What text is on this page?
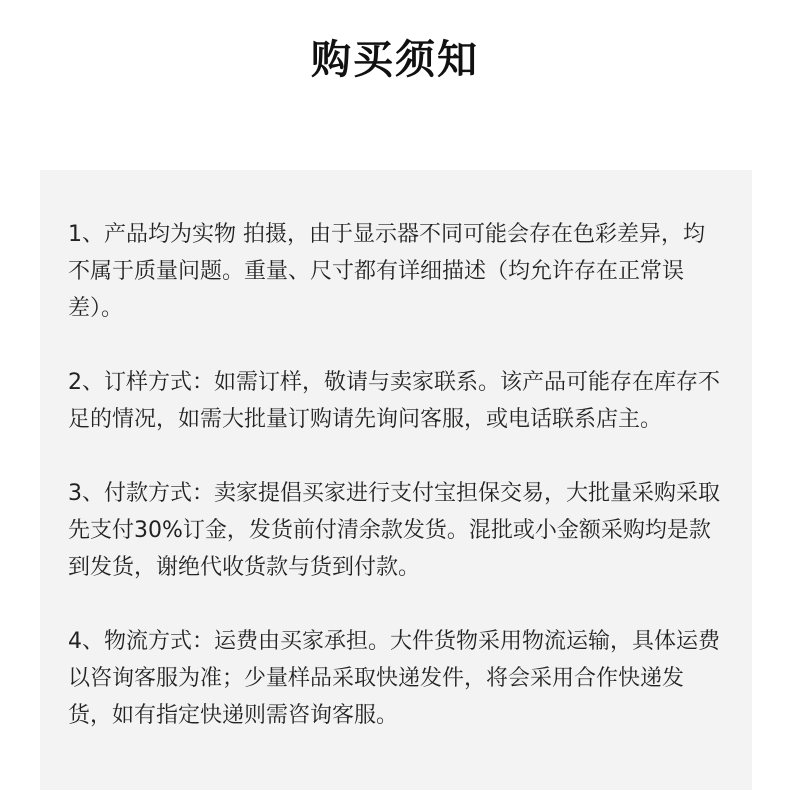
购买须知

1、产品均为实物 拍摄，由于显示器不同可能会存在色彩差异，均不属于质量问题。重量、尺寸都有详细描述（均允许存在正常误差）。

2、订样方式：如需订样，敬请与卖家联系。该产品可能存在库存不足的情况，如需大批量订购请先询问客服，或电话联系店主。

3、付款方式：卖家提倡买家进行支付宝担保交易，大批量采购采取先支付30%订金，发货前付清余款发货。混批或小金额采购均是款到发货，谢绝代收货款与货到付款。

4、物流方式：运费由买家承担。大件货物采用物流运输，具体运费以咨询客服为准；少量样品采取快递发件，将会采用合作快递发货，如有指定快递则需咨询客服。
